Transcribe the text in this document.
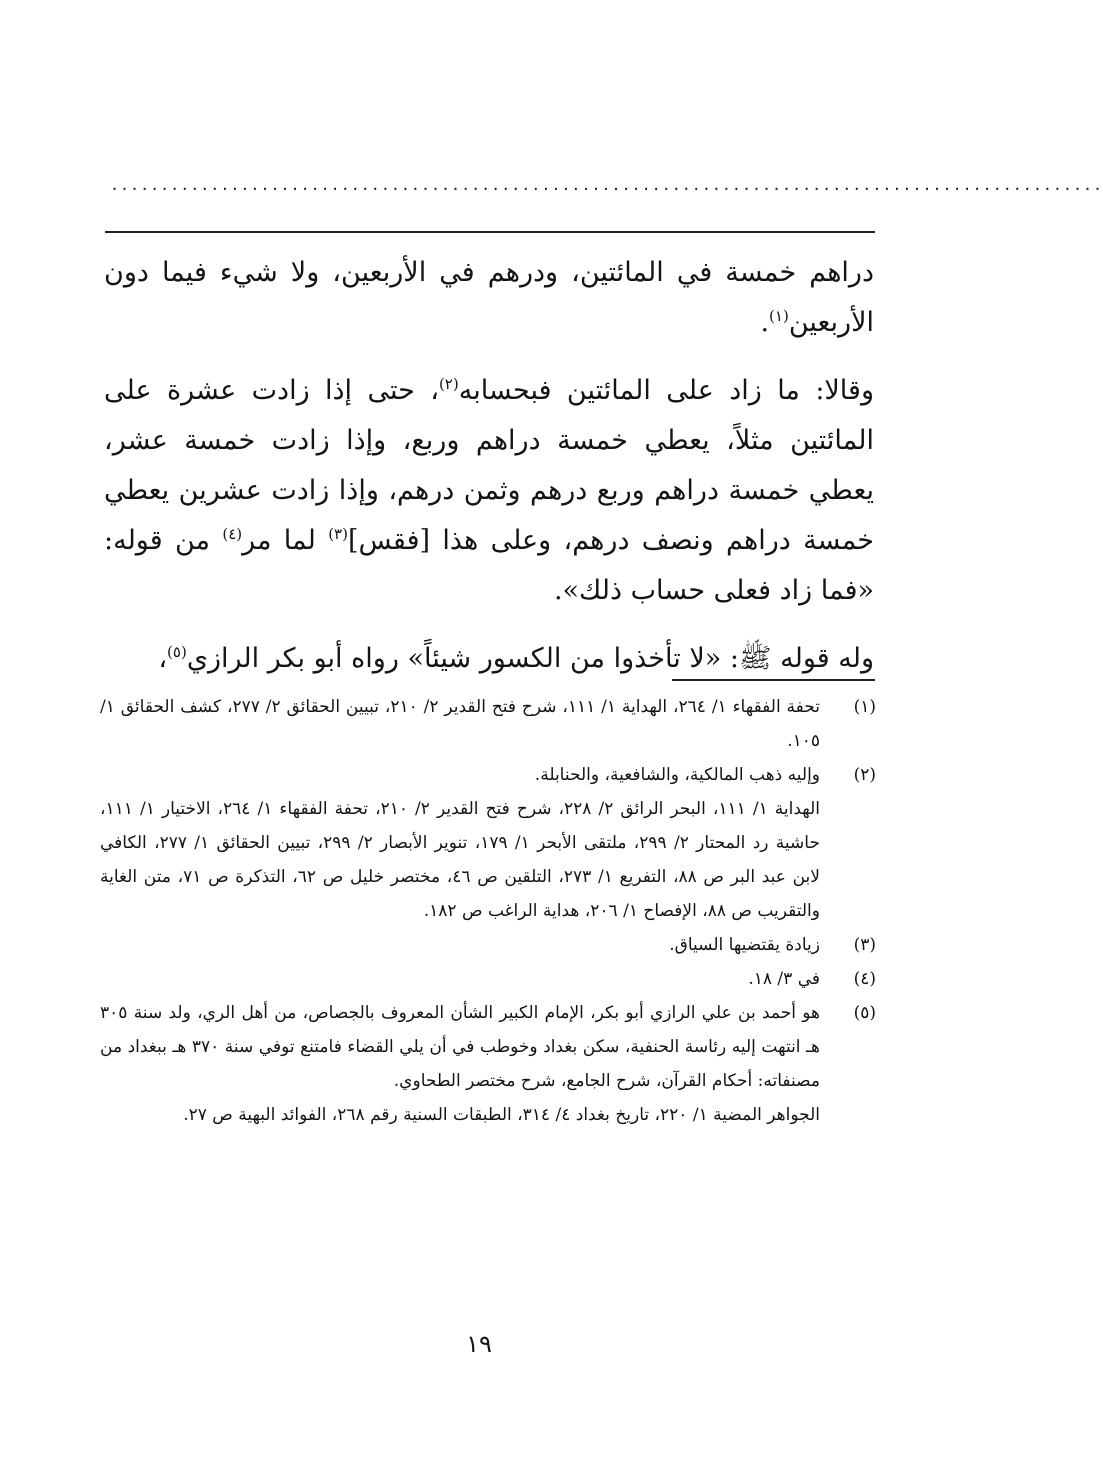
...................................................................................................

دراهم خمسة في المائتين، ودرهم في الأربعين، ولا شيء فيما دون الأربعين$^{(١)}$.

وقالا: ما زاد على المائتين فبحسابه$^{(٢)}$، حتى إذا زادت عشرة على المائتين مثلاً، يعطي خمسة دراهم وربع، وإذا زادت خمسة عشر، يعطي خمسة دراهم وربع درهم وثمن درهم، وإذا زادت عشرين يعطي خمسة دراهم ونصف درهم، وعلى هذا [فقس]$^{(٣)}$ لما مر$^{(٤)}$ من قوله: «فما زاد فعلى حساب ذلك».

وله قوله ﷺ: «لا تأخذوا من الكسور شيئاً» رواه أبو بكر الرازي$^{(٥)}$،

(١)
تحفة الفقهاء ١/ ٢٦٤، الهداية ١/ ١١١، شرح فتح القدير ٢/ ٢١٠، تبيين الحقائق ٢/ ٢٧٧، كشف الحقائق ١/ ١٠٥.
(٢)
وإليه ذهب المالكية، والشافعية، والحنابلة.
الهداية ١/ ١١١، البحر الرائق ٢/ ٢٢٨، شرح فتح القدير ٢/ ٢١٠، تحفة الفقهاء ١/ ٢٦٤، الاختيار ١/ ١١١، حاشية رد المحتار ٢/ ٢٩٩، ملتقى الأبحر ١/ ١٧٩، تنوير الأبصار ٢/ ٢٩٩، تبيين الحقائق ١/ ٢٧٧، الكافي لابن عبد البر ص ٨٨، التفريع ١/ ٢٧٣، التلقين ص ٤٦، مختصر خليل ص ٦٢، التذكرة ص ٧١، متن الغاية والتقريب ص ٨٨، الإفصاح ١/ ٢٠٦، هداية الراغب ص ١٨٢.
(٣)
زيادة يقتضيها السياق.
(٤)
في ٣/ ١٨.
(٥)
هو أحمد بن علي الرازي أبو بكر، الإمام الكبير الشأن المعروف بالجصاص، من أهل الري، ولد سنة ٣٠٥ هـ انتهت إليه رئاسة الحنفية، سكن بغداد وخوطب في أن يلي القضاء فامتنع توفي سنة ٣٧٠ هـ ببغداد من مصنفاته: أحكام القرآن، شرح الجامع، شرح مختصر الطحاوي.
الجواهر المضية ١/ ٢٢٠، تاريخ بغداد ٤/ ٣١٤، الطبقات السنية رقم ٢٦٨، الفوائد البهية ص ٢٧.
١٩
